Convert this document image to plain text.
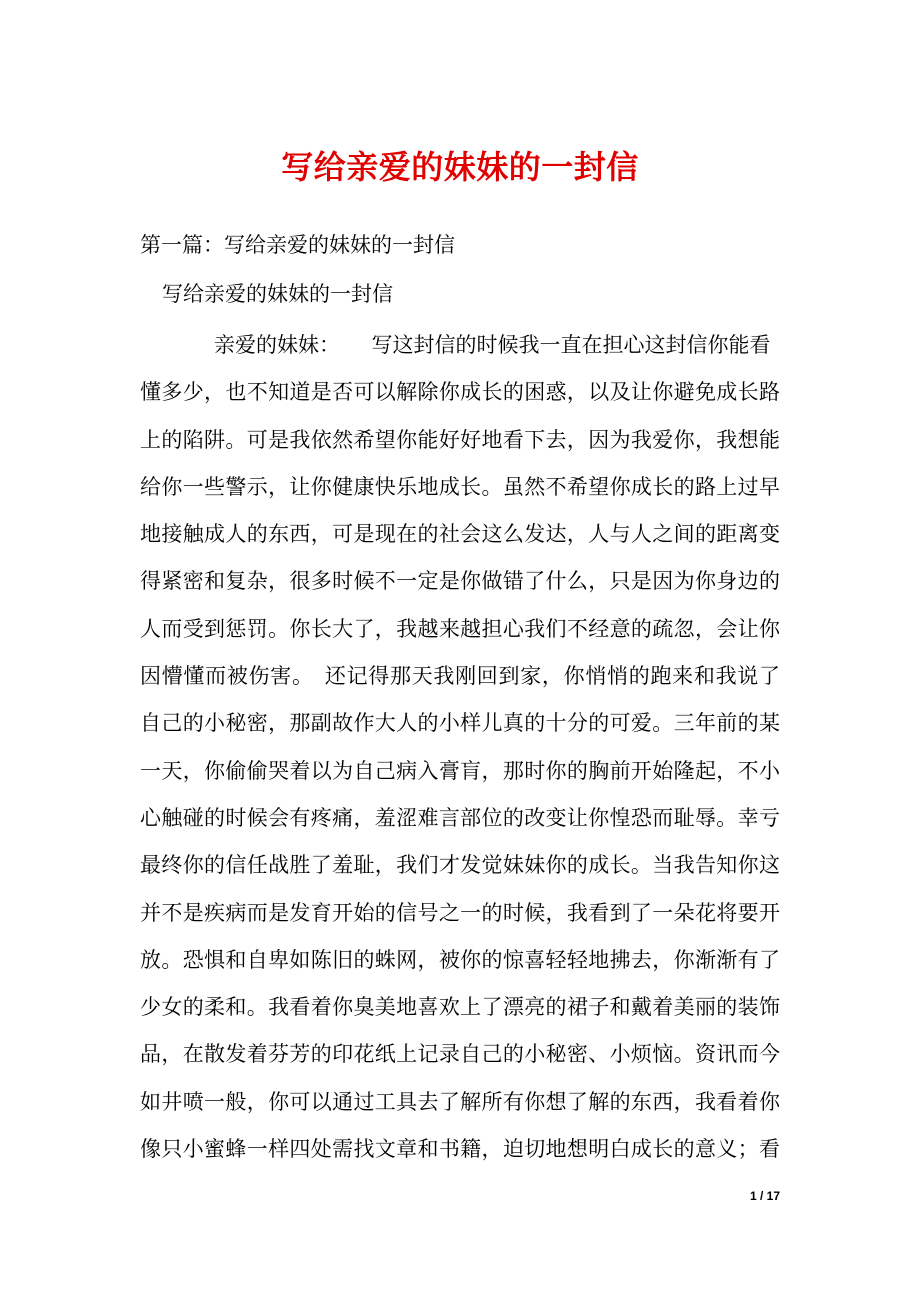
写给亲爱的妹妹的一封信
第一篇：写给亲爱的妹妹的一封信
写给亲爱的妹妹的一封信
亲爱的妹妹：　　写这封信的时候我一直在担心这封信你能看
懂多少，也不知道是否可以解除你成长的困惑，以及让你避免成长路
上的陷阱。可是我依然希望你能好好地看下去，因为我爱你，我想能
给你一些警示，让你健康快乐地成长。虽然不希望你成长的路上过早
地接触成人的东西，可是现在的社会这么发达，人与人之间的距离变
得紧密和复杂，很多时候不一定是你做错了什么，只是因为你身边的
人而受到惩罚。你长大了，我越来越担心我们不经意的疏忽，会让你
因懵懂而被伤害。　还记得那天我刚回到家，你悄悄的跑来和我说了
自己的小秘密，那副故作大人的小样儿真的十分的可爱。三年前的某
一天，你偷偷哭着以为自己病入膏肓，那时你的胸前开始隆起，不小
心触碰的时候会有疼痛，羞涩难言部位的改变让你惶恐而耻辱。幸亏
最终你的信任战胜了羞耻，我们才发觉妹妹你的成长。当我告知你这
并不是疾病而是发育开始的信号之一的时候，我看到了一朵花将要开
放。恐惧和自卑如陈旧的蛛网，被你的惊喜轻轻地拂去，你渐渐有了
少女的柔和。我看着你臭美地喜欢上了漂亮的裙子和戴着美丽的装饰
品，在散发着芬芳的印花纸上记录自己的小秘密、小烦恼。资讯而今
如井喷一般，你可以通过工具去了解所有你想了解的东西，我看着你
像只小蜜蜂一样四处需找文章和书籍，迫切地想明白成长的意义；看
1 / 17
